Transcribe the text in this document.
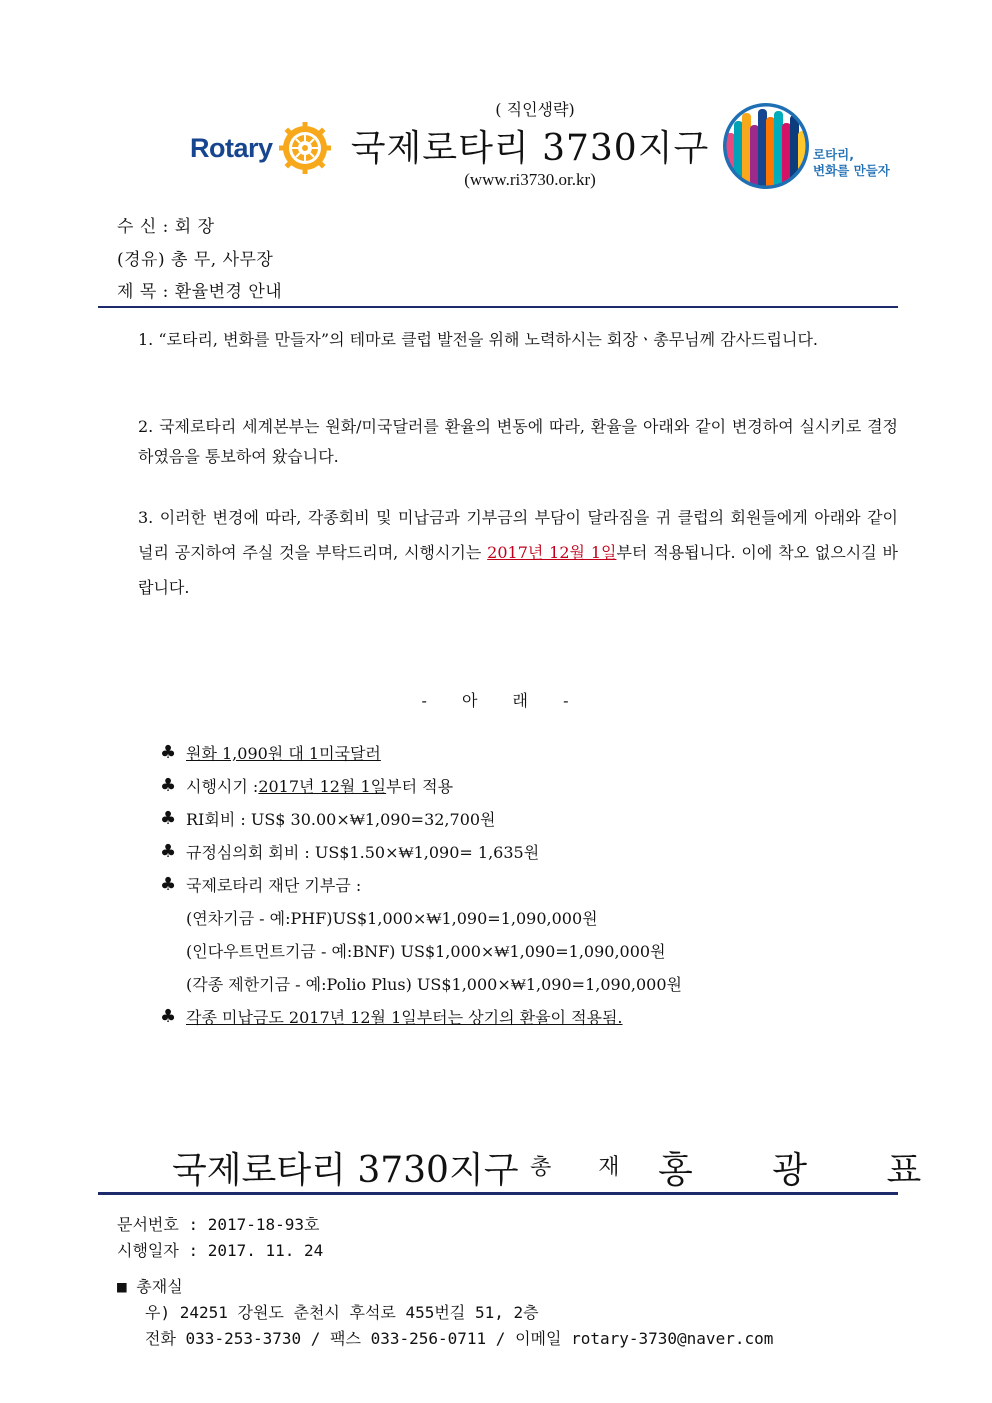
Rotary
( 직인생략)
국제로타리 3730지구
(www.ri3730.or.kr)
로타리,
변화를 만들자
수 신 : 회 장
(경유) 총 무, 사무장
제 목 : 환율변경 안내
1. “로타리, 변화를 만들자”의 테마로 클럽 발전을 위해 노력하시는 회장ㆍ총무님께 감사드립니다.
2. 국제로타리 세계본부는 원화/미국달러를 환율의 변동에 따라, 환율을 아래와 같이 변경하여 실시키로 결정하였음을 통보하여 왔습니다.
3. 이러한 변경에 따라, 각종회비 및 미납금과 기부금의 부담이 달라짐을 귀 클럽의 회원들에게 아래와 같이 널리 공지하여 주실 것을 부탁드리며, 시행시기는 2017년 12월 1일부터 적용됩니다. 이에 착오 없으시길 바랍니다.
- 아 래 -
♣ 원화 1,090원 대 1미국달러
♣ 시행시기 : 2017년 12월 1일 부터 적용
♣ RI회비 : US$ 30.00×₩1,090=32,700원
♣ 규정심의회 회비 : US$1.50×₩1,090= 1,635원
♣ 국제로타리 재단 기부금 :
(연차기금 - 예:PHF)US$1,000×₩1,090=1,090,000원
(인다우트먼트기금 - 예:BNF) US$1,000×₩1,090=1,090,000원
(각종 제한기금 - 예:Polio Plus) US$1,000×₩1,090=1,090,000원
♣ 각종 미납금도 2017년 12월 1일부터는 상기의 환율이 적용됨.
국제로타리 3730지구 총 재 홍 광 표
문서번호 : 2017-18-93호
시행일자 : 2017. 11. 24
■ 총재실
우) 24251 강원도 춘천시 후석로 455번길 51, 2층
전화 033-253-3730 / 팩스 033-256-0711 / 이메일 rotary-3730@naver.com
